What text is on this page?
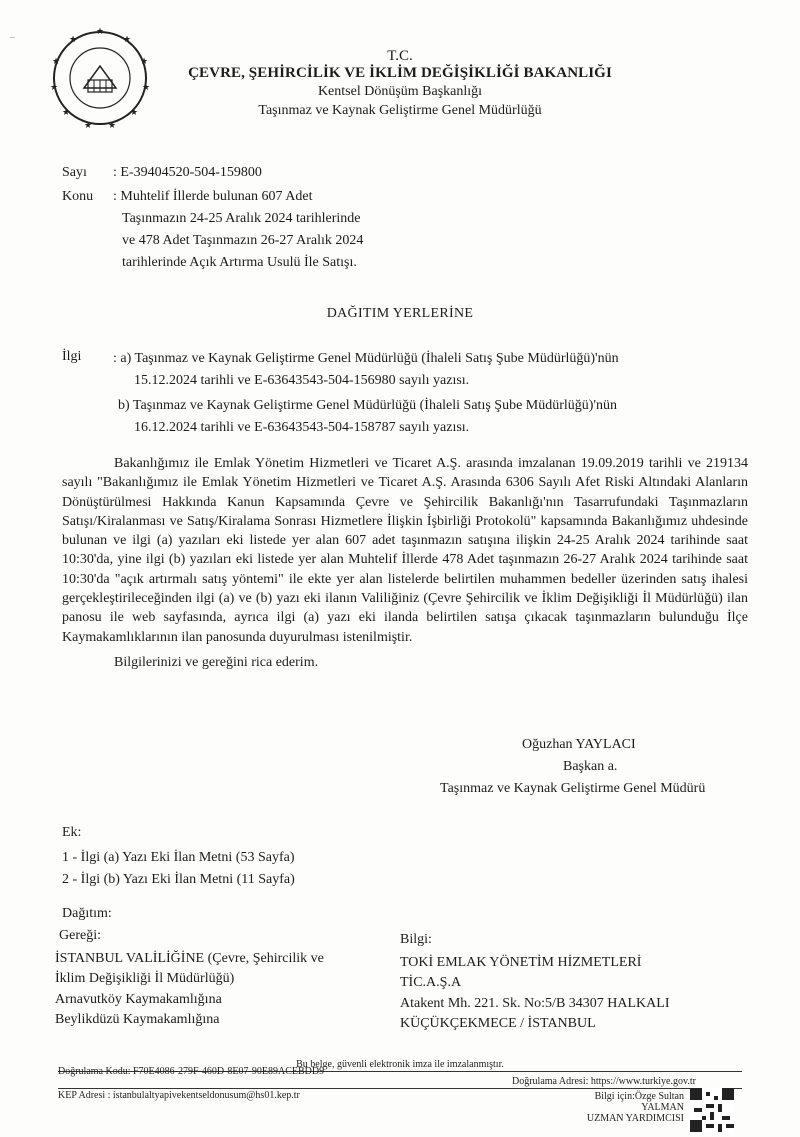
★
★
★
★
★
★
★
★
★
★
★
–
T.C.
ÇEVRE, ŞEHİRCİLİK VE İKLİM DEĞİŞİKLİĞİ BAKANLIĞI
Kentsel Dönüşüm Başkanlığı
Taşınmaz ve Kaynak Geliştirme Genel Müdürlüğü
Sayı : E-39404520-504-159800
Konu : Muhtelif İllerde bulunan 607 Adet
Taşınmazın 24-25 Aralık 2024 tarihlerinde
ve 478 Adet Taşınmazın 26-27 Aralık 2024
tarihlerinde Açık Artırma Usulü İle Satışı.
DAĞITIM YERLERİNE
İlgi : a) Taşınmaz ve Kaynak Geliştirme Genel Müdürlüğü (İhaleli Satış Şube Müdürlüğü)'nün
15.12.2024 tarihli ve E-63643543-504-156980 sayılı yazısı.
b) Taşınmaz ve Kaynak Geliştirme Genel Müdürlüğü (İhaleli Satış Şube Müdürlüğü)'nün
16.12.2024 tarihli ve E-63643543-504-158787 sayılı yazısı.

Bakanlığımız ile Emlak Yönetim Hizmetleri ve Ticaret A.Ş. arasında imzalanan 19.09.2019 tarihli ve 219134 sayılı "Bakanlığımız ile Emlak Yönetim Hizmetleri ve Ticaret A.Ş. Arasında 6306 Sayılı Afet Riski Altındaki Alanların Dönüştürülmesi Hakkında Kanun Kapsamında Çevre ve Şehircilik Bakanlığı'nın Tasarrufundaki Taşınmazların Satışı/Kiralanması ve Satış/Kiralama Sonrası Hizmetlere İlişkin İşbirliği Protokolü" kapsamında Bakanlığımız uhdesinde bulunan ve ilgi (a) yazıları eki listede yer alan 607 adet taşınmazın satışına ilişkin 24-25 Aralık 2024 tarihinde saat 10:30'da, yine ilgi (b) yazıları eki listede yer alan Muhtelif İllerde 478 Adet taşınmazın 26-27 Aralık 2024 tarihinde saat 10:30'da "açık artırmalı satış yöntemi" ile ekte yer alan listelerde belirtilen muhammen bedeller üzerinden satış ihalesi gerçekleştirileceğinden ilgi (a) ve (b) yazı eki ilanın Valiliğiniz (Çevre Şehircilik ve İklim Değişikliği İl Müdürlüğü) ilan panosu ile web sayfasında, ayrıca ilgi (a) yazı eki ilanda belirtilen satışa çıkacak taşınmazların bulunduğu İlçe Kaymakamlıklarının ilan panosunda duyurulması istenilmiştir.

Bilgilerinizi ve gereğini rica ederim.

Oğuzhan YAYLACI
Başkan a.
Taşınmaz ve Kaynak Geliştirme Genel Müdürü
Ek:
1 - İlgi (a) Yazı Eki İlan Metni (53 Sayfa)
2 - İlgi (b) Yazı Eki İlan Metni (11 Sayfa)
Dağıtım:
Gereği:
İSTANBUL VALİLİĞİNE (Çevre, Şehircilik ve
İklim Değişikliği İl Müdürlüğü)
Arnavutköy Kaymakamlığına
Beylikdüzü Kaymakamlığına
Bilgi:
TOKİ EMLAK YÖNETİM HİZMETLERİ
TİC.A.Ş.A
Atakent Mh. 221. Sk. No:5/B 34307 HALKALI
KÜÇÜKÇEKMECE / İSTANBUL
Bu belge, güvenli elektronik imza ile imzalanmıştır.
Doğrulama Kodu: F70E4086-279F-460D-8E07-90E89ACEBDD9
Doğrulama Adresi: https://www.turkiye.gov.tr
KEP Adresi : istanbulaltyapivekentseldonusum@hs01.kep.tr	Bilgi için:Özge Sultan
YALMAN
UZMAN YARDIMCISI
